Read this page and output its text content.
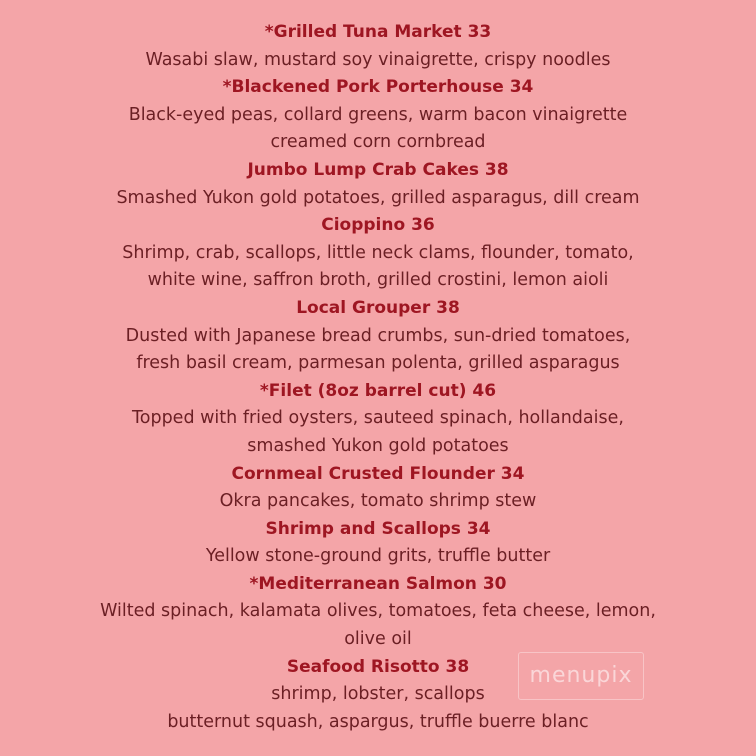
*Grilled Tuna Market 33
Wasabi slaw, mustard soy vinaigrette, crispy noodles
*Blackened Pork Porterhouse 34
Black-eyed peas, collard greens, warm bacon vinaigrette
creamed corn cornbread
Jumbo Lump Crab Cakes 38
Smashed Yukon gold potatoes, grilled asparagus, dill cream
Cioppino 36
Shrimp, crab, scallops, little neck clams, flounder, tomato,
white wine, saffron broth, grilled crostini, lemon aioli
Local Grouper 38
Dusted with Japanese bread crumbs, sun-dried tomatoes,
fresh basil cream, parmesan polenta, grilled asparagus
*Filet (8oz barrel cut) 46
Topped with fried oysters, sauteed spinach, hollandaise,
smashed Yukon gold potatoes
Cornmeal Crusted Flounder 34
Okra pancakes, tomato shrimp stew
Shrimp and Scallops 34
Yellow stone-ground grits, truffle butter
*Mediterranean Salmon 30
Wilted spinach, kalamata olives, tomatoes, feta cheese, lemon,
olive oil
Seafood Risotto 38
shrimp, lobster, scallops
butternut squash, aspargus, truffle buerre blanc
menupix
